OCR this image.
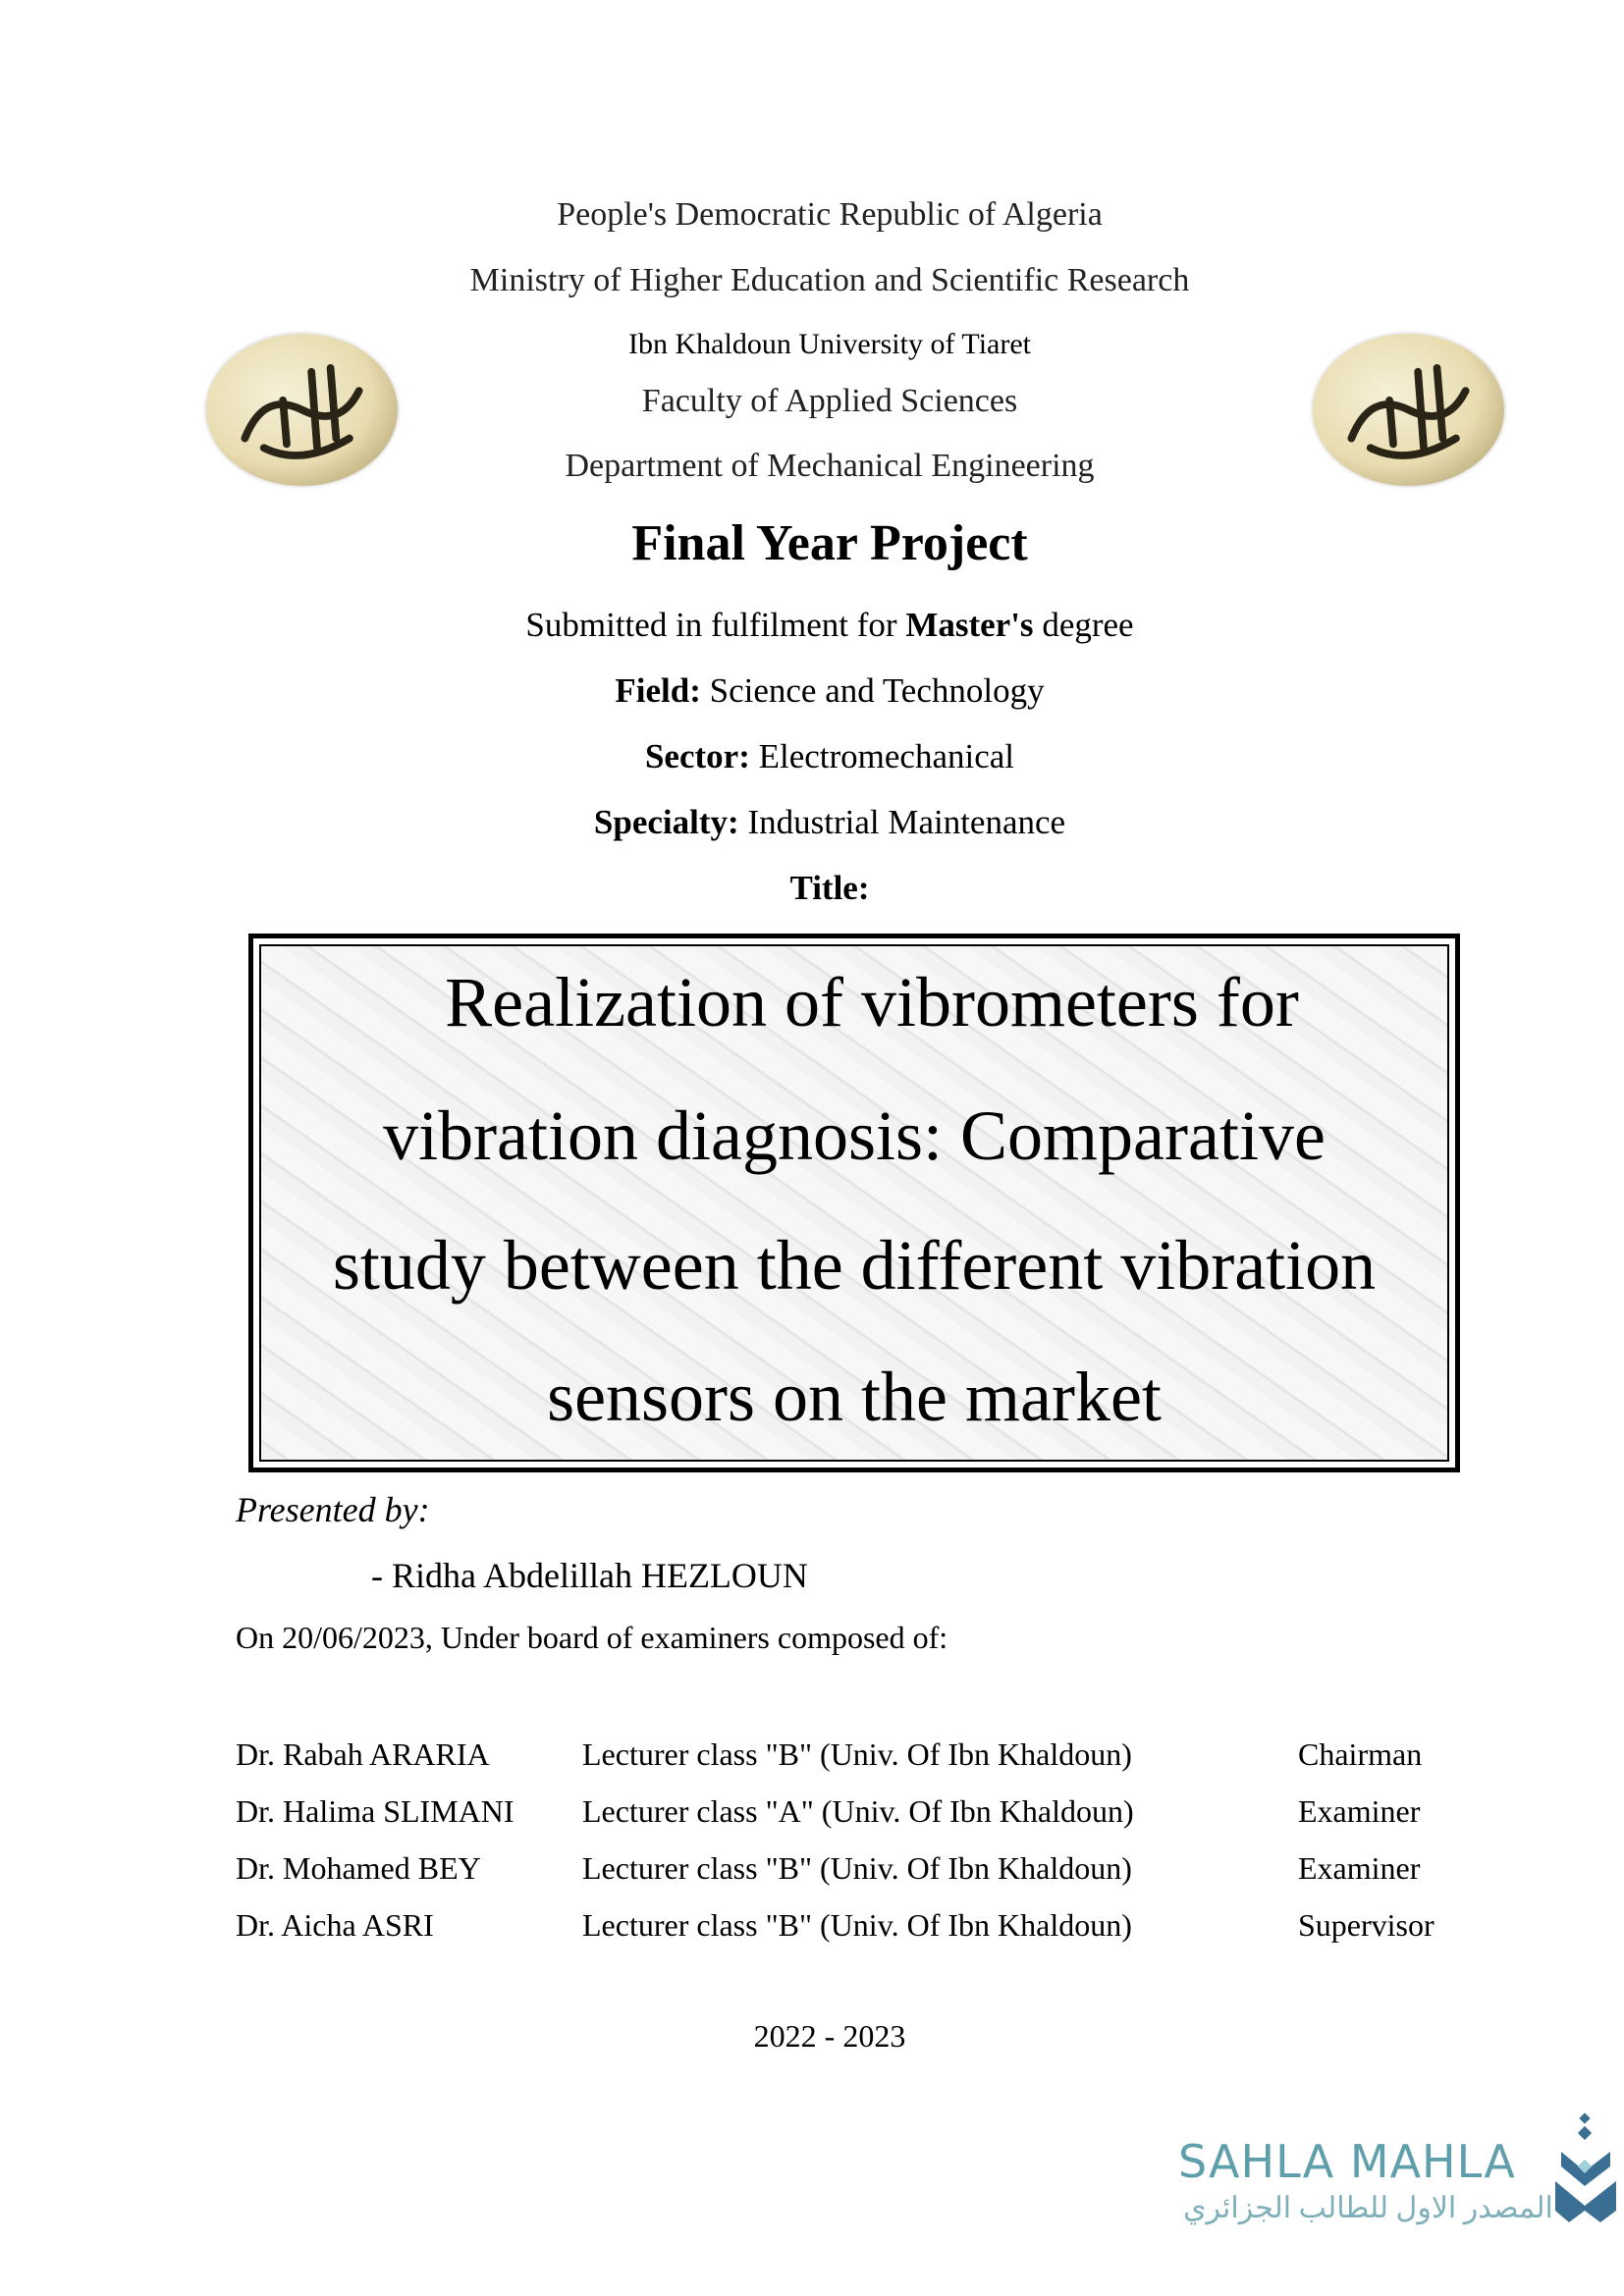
People's Democratic Republic of Algeria
Ministry of Higher Education and Scientific Research
Ibn Khaldoun University of Tiaret
Faculty of Applied Sciences
Department of Mechanical Engineering
Final Year Project
Submitted in fulfilment for Master's degree
Field: Science and Technology
Sector: Electromechanical
Specialty: Industrial Maintenance
Title:
Realization of vibrometers for
vibration diagnosis: Comparative
study between the different vibration
sensors on the market
Presented by:
- Ridha Abdelillah HEZLOUN
On 20/06/2023, Under board of examiners composed of:
Dr. Rabah ARARIA	Lecturer class "B" (Univ. Of Ibn Khaldoun)	Chairman
Dr. Halima SLIMANI Lecturer class "A" (Univ. Of Ibn Khaldoun)	Examiner
Dr. Mohamed BEY	Lecturer class "B" (Univ. Of Ibn Khaldoun)	Examiner
Dr. Aicha ASRI	Lecturer class "B" (Univ. Of Ibn Khaldoun)	Supervisor
2022 - 2023
SAHLA MAHLA
المصدر الاول للطالب الجزائري
